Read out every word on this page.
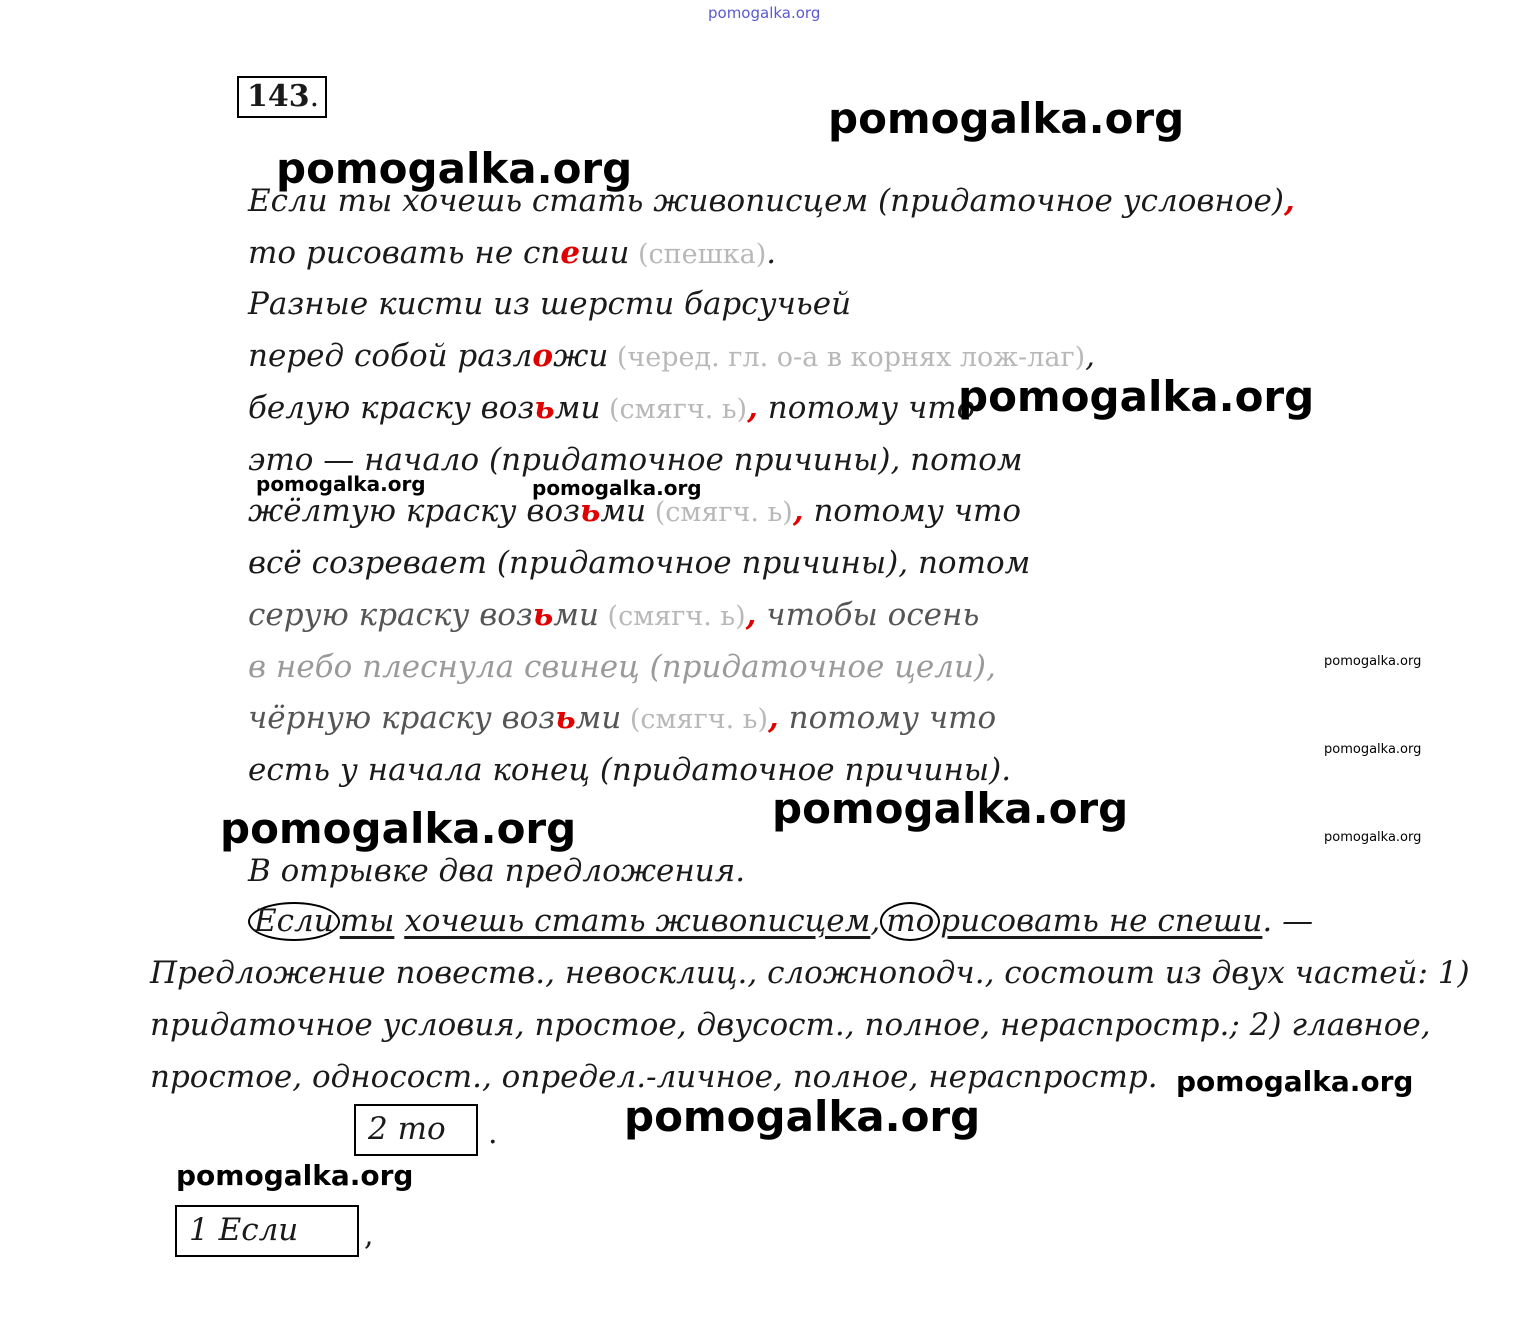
pomogalka.org
143.
Если ты хочешь стать живописцем (придаточное условное),
то рисовать не спеши (спешка).
Разные кисти из шерсти барсучьей
перед собой разложи (черед. гл. о-а в корнях лож-лаг),
белую краску возьми (смягч. ь), потому что
это — начало (придаточное причины), потом
жёлтую краску возьми (смягч. ь), потому что
всё созревает (придаточное причины), потом
серую краску возьми (смягч. ь), чтобы осень
в небо плеснула свинец (придаточное цели),
чёрную краску возьми (смягч. ь), потому что
есть у начала конец (придаточное причины).
В отрывке два предложения.
Если ты хочешь стать живописцем, то рисовать не спеши. —
Предложение повеств., невосклиц., сложноподч., состоит из двух частей: 1)
придаточное условия, простое, двусост., полное, нераспростр.; 2) главное,
простое, односост., определ.-личное, полное, нераспростр.
2 то	.
1 Если	,
pomogalka.org
pomogalka.org
pomogalka.org
pomogalka.org	pomogalka.org
pomogalka.org
pomogalka.org
pomogalka.org
pomogalka.org	pomogalka.org
pomogalka.org
pomogalka.org
pomogalka.org
